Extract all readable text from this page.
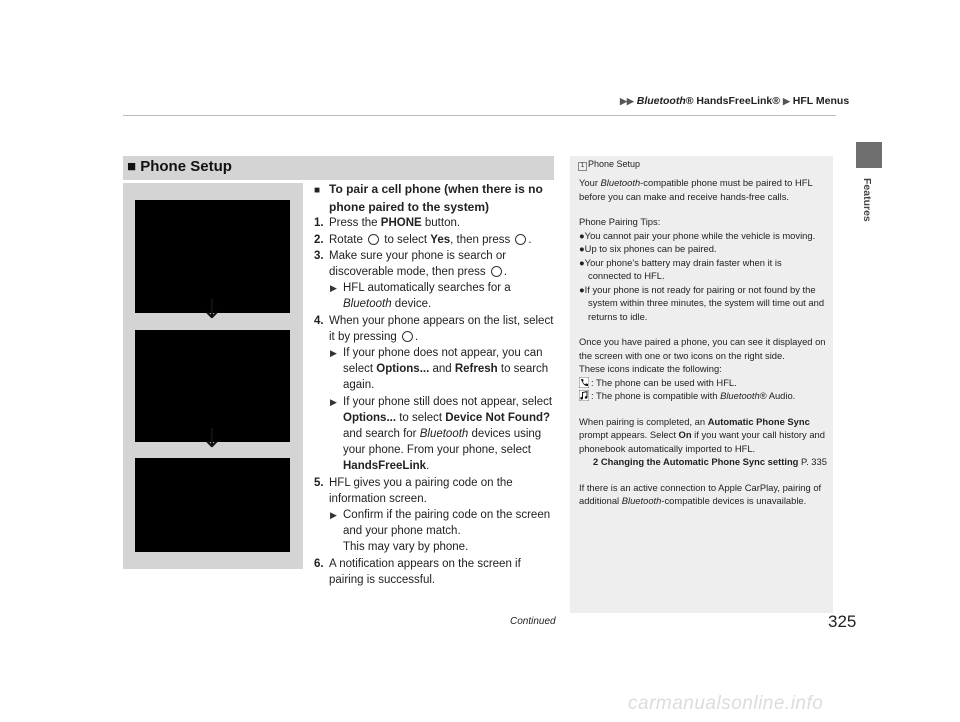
▶▶ Bluetooth® HandsFreeLink® ▶ HFL Menus
Features
■ Phone Setup
↓
↓

■ To pair a cell phone (when there is no phone paired to the system)

1. Press the PHONE button.

2. Rotate  to select Yes, then press .

3. Make sure your phone is search or discoverable mode, then press .

▶ HFL automatically searches for a Bluetooth device.

4. When your phone appears on the list, select it by pressing .

▶ If your phone does not appear, you can select Options... and Refresh to search again.

▶ If your phone still does not appear, select Options... to select Device Not Found? and search for Bluetooth devices using your phone. From your phone, select HandsFreeLink.

5. HFL gives you a pairing code on the information screen.

▶ Confirm if the pairing code on the screen and your phone match.
This may vary by phone.

6. A notification appears on the screen if pairing is successful.

1 Phone Setup

Your Bluetooth-compatible phone must be paired to HFL before you can make and receive hands-free calls.

Phone Pairing Tips:

●You cannot pair your phone while the vehicle is moving.

●Up to six phones can be paired.

●Your phone’s battery may drain faster when it is connected to HFL.

●If your phone is not ready for pairing or not found by the system within three minutes, the system will time out and returns to idle.

Once you have paired a phone, you can see it displayed on the screen with one or two icons on the right side.

These icons indicate the following:

: The phone can be used with HFL.

: The phone is compatible with Bluetooth® Audio.

When pairing is completed, an Automatic Phone Sync prompt appears. Select On if you want your call history and phonebook automatically imported to HFL.

2 Changing the Automatic Phone Sync setting P. 335

If there is an active connection to Apple CarPlay, pairing of additional Bluetooth-compatible devices is unavailable.

Continued	325
carmanualsonline.info
